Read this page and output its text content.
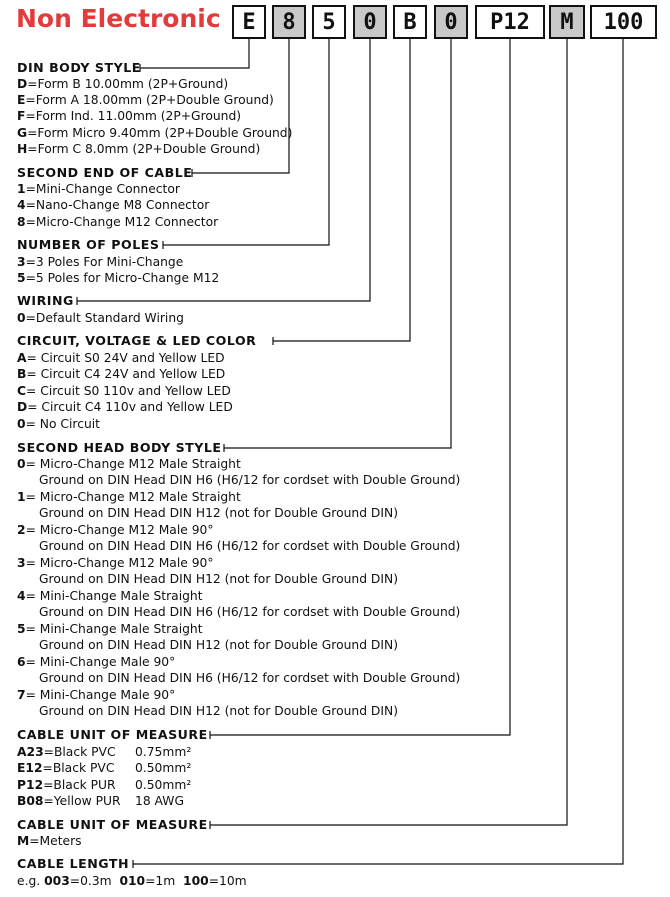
Non Electronic E	8	5	0	B	0	P12	M	100
DIN BODY STYLE
D=Form B 10.00mm (2P+Ground)
E=Form A 18.00mm (2P+Double Ground)
F=Form Ind. 11.00mm (2P+Ground)
G=Form Micro 9.40mm (2P+Double Ground)
H=Form C 8.0mm (2P+Double Ground)
SECOND END OF CABLE
1=Mini-Change Connector
4=Nano-Change M8 Connector
8=Micro-Change M12 Connector
NUMBER OF POLES
3=3 Poles For Mini-Change
5=5 Poles for Micro-Change M12
WIRING
0=Default Standard Wiring
CIRCUIT, VOLTAGE & LED COLOR
A= Circuit S0 24V and Yellow LED
B= Circuit C4 24V and Yellow LED
C= Circuit S0 110v and Yellow LED
D= Circuit C4 110v and Yellow LED
0= No Circuit
SECOND HEAD BODY STYLE
0= Micro-Change M12 Male Straight
Ground on DIN Head DIN H6 (H6/12 for cordset with Double Ground)
1= Micro-Change M12 Male Straight
Ground on DIN Head DIN H12 (not for Double Ground DIN)
2= Micro-Change M12 Male 90°
Ground on DIN Head DIN H6 (H6/12 for cordset with Double Ground)
3= Micro-Change M12 Male 90°
Ground on DIN Head DIN H12 (not for Double Ground DIN)
4= Mini-Change Male Straight
Ground on DIN Head DIN H6 (H6/12 for cordset with Double Ground)
5= Mini-Change Male Straight
Ground on DIN Head DIN H12 (not for Double Ground DIN)
6= Mini-Change Male 90°
Ground on DIN Head DIN H6 (H6/12 for cordset with Double Ground)
7= Mini-Change Male 90°
Ground on DIN Head DIN H12 (not for Double Ground DIN)
CABLE UNIT OF MEASURE
A23=Black PVC 0.75mm²
E12=Black PVC 0.50mm²
P12=Black PUR 0.50mm²
B08=Yellow PUR 18 AWG
CABLE UNIT OF MEASURE
M=Meters
CABLE LENGTH
e.g. 003=0.3m  010=1m  100=10m
